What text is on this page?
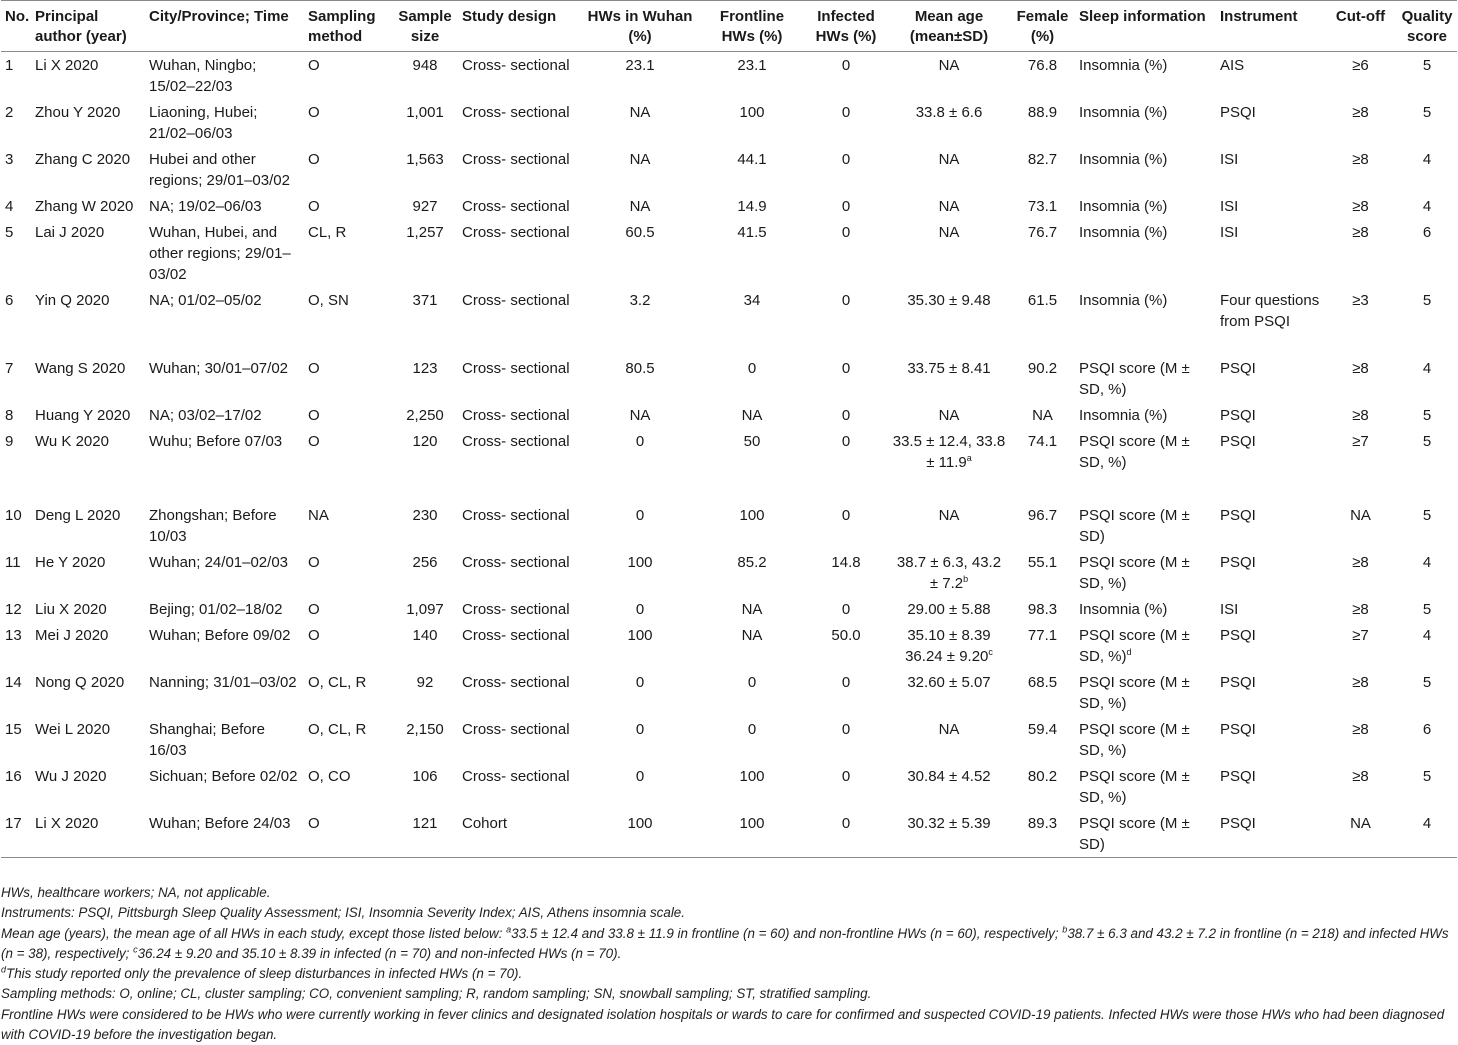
No.	Principal author (year)	City/Province; Time	Sampling method	Sample size	Study design	HWs in Wuhan (%)	Frontline HWs (%)	Infected HWs (%)	Mean age (mean±SD)	Female (%)	Sleep information	Instrument	Cut-off	Quality score
1	Li X 2020	Wuhan, Ningbo; 15/02–22/03	O	948	Cross- sectional	23.1	23.1	0	NA	76.8	Insomnia (%)	AIS	≥6	5
2	Zhou Y 2020	Liaoning, Hubei; 21/02–06/03	O	1,001	Cross- sectional	NA	100	0	33.8 ± 6.6	88.9	Insomnia (%)	PSQI	≥8	5
3	Zhang C 2020	Hubei and other regions; 29/01–03/02	O	1,563	Cross- sectional	NA	44.1	0	NA	82.7	Insomnia (%)	ISI	≥8	4
4	Zhang W 2020	NA; 19/02–06/03	O	927	Cross- sectional	NA	14.9	0	NA	73.1	Insomnia (%)	ISI	≥8	4
5	Lai J 2020	Wuhan, Hubei, and other regions; 29/01–03/02	CL, R	1,257	Cross- sectional	60.5	41.5	0	NA	76.7	Insomnia (%)	ISI	≥8	6
6	Yin Q 2020	NA; 01/02–05/02	O, SN	371	Cross- sectional	3.2	34	0	35.30 ± 9.48	61.5	Insomnia (%)	Four questions from PSQI	≥3	5
7	Wang S 2020	Wuhan; 30/01–07/02	O	123	Cross- sectional	80.5	0	0	33.75 ± 8.41	90.2	PSQI score (M ± SD, %)	PSQI	≥8	4
8	Huang Y 2020	NA; 03/02–17/02	O	2,250	Cross- sectional	NA	NA	0	NA	NA	Insomnia (%)	PSQI	≥8	5
9	Wu K 2020	Wuhu; Before 07/03	O	120	Cross- sectional	0	50	0	33.5 ± 12.4, 33.8 ± 11.9$^a$	74.1	PSQI score (M ± SD, %)	PSQI	≥7	5
10	Deng L 2020	Zhongshan; Before 10/03	NA	230	Cross- sectional	0	100	0	NA	96.7	PSQI score (M ± SD)	PSQI	NA	5
11	He Y 2020	Wuhan; 24/01–02/03	O	256	Cross- sectional	100	85.2	14.8	38.7 ± 6.3, 43.2 ± 7.2$^b$	55.1	PSQI score (M ± SD, %)	PSQI	≥8	4
12	Liu X 2020	Bejing; 01/02–18/02	O	1,097	Cross- sectional	0	NA	0	29.00 ± 5.88	98.3	Insomnia (%)	ISI	≥8	5
13	Mei J 2020	Wuhan; Before 09/02	O	140	Cross- sectional	100	NA	50.0	35.10 ± 8.39 36.24 ± 9.20$^c$	77.1	PSQI score (M ± SD, %)$^d$	PSQI	≥7	4
14	Nong Q 2020	Nanning; 31/01–03/02	O, CL, R	92	Cross- sectional	0	0	0	32.60 ± 5.07	68.5	PSQI score (M ± SD, %)	PSQI	≥8	5
15	Wei L 2020	Shanghai; Before 16/03	O, CL, R	2,150	Cross- sectional	0	0	0	NA	59.4	PSQI score (M ± SD, %)	PSQI	≥8	6
16	Wu J 2020	Sichuan; Before 02/02	O, CO	106	Cross- sectional	0	100	0	30.84 ± 4.52	80.2	PSQI score (M ± SD, %)	PSQI	≥8	5
17	Li X 2020	Wuhan; Before 24/03	O	121	Cohort	100	100	0	30.32 ± 5.39	89.3	PSQI score (M ± SD)	PSQI	NA	4

HWs, healthcare workers; NA, not applicable.

Instruments: PSQI, Pittsburgh Sleep Quality Assessment; ISI, Insomnia Severity Index; AIS, Athens insomnia scale.

Mean age (years), the mean age of all HWs in each study, except those listed below: $^a$33.5 ± 12.4 and 33.8 ± 11.9 in frontline (n = 60) and non-frontline HWs (n = 60), respectively; $^b$38.7 ± 6.3 and 43.2 ± 7.2 in frontline (n = 218) and infected HWs (n = 38), respectively; $^c$36.24 ± 9.20 and 35.10 ± 8.39 in infected (n = 70) and non-infected HWs (n = 70).

$^d$This study reported only the prevalence of sleep disturbances in infected HWs (n = 70).

Sampling methods: O, online; CL, cluster sampling; CO, convenient sampling; R, random sampling; SN, snowball sampling; ST, stratified sampling.

Frontline HWs were considered to be HWs who were currently working in fever clinics and designated isolation hospitals or wards to care for confirmed and suspected COVID-19 patients. Infected HWs were those HWs who had been diagnosed with COVID-19 before the investigation began.
